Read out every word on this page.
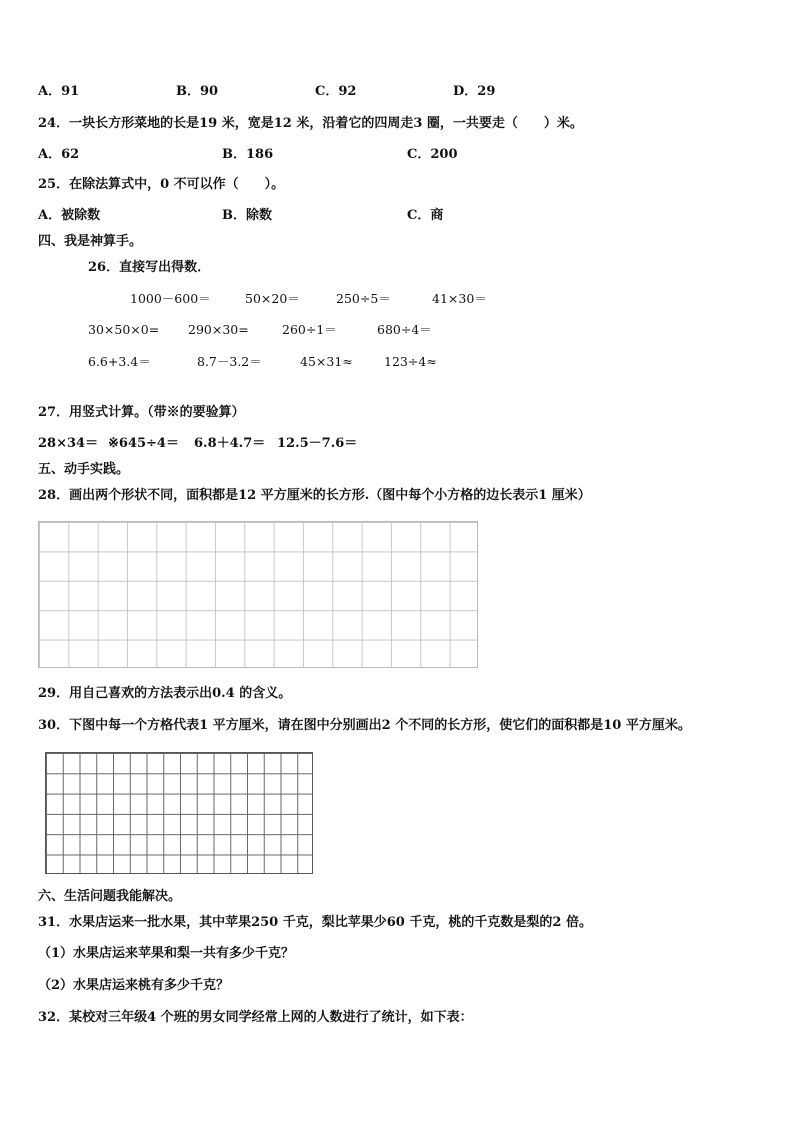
A．91	B．90	C．92	D．29
24．一块长方形菜地的长是19 米，宽是12 米，沿着它的四周走3 圈，一共要走（　　）米。
A．62	B．186	C．200
25．在除法算式中，0 不可以作（　　）。
A．被除数	B．除数	C．商
四、我是神算手。
26．直接写出得数．
1000－600＝	50×20＝	250÷5＝	41×30＝
30×50×0= 290×30=	260÷1＝	680÷4＝
6.6+3.4＝	8.7－3.2＝	45×31≈ 123÷4≈
27．用竖式计算。（带※的要验算）
28×34＝ ※645÷4＝ 6.8＋4.7＝ 12.5－7.6＝
五、动手实践。
28．画出两个形状不同，面积都是12 平方厘米的长方形.（图中每个小方格的边长表示1 厘米）
29．用自己喜欢的方法表示出0.4 的含义。
30．下图中每一个方格代表1 平方厘米，请在图中分别画出2 个不同的长方形，使它们的面积都是10 平方厘米。
六、生活问题我能解决。
31．水果店运来一批水果，其中苹果250 千克，梨比苹果少60 千克，桃的千克数是梨的2 倍。
（1）水果店运来苹果和梨一共有多少千克？
（2）水果店运来桃有多少千克？
32．某校对三年级4 个班的男女同学经常上网的人数进行了统计，如下表：
